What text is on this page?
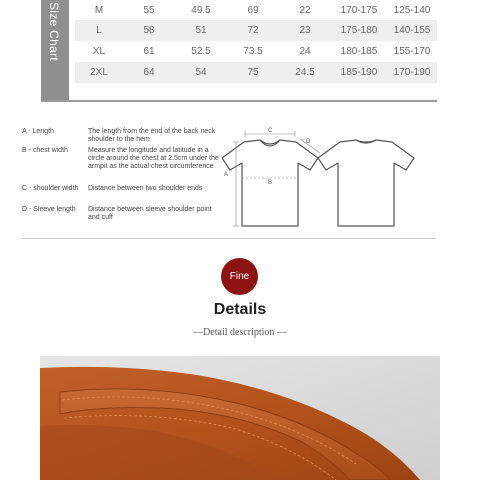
Size Chart	M	55	49.5	69	22	170-175	125-140
L	58	51	72	23	175-180	140-155
XL	61	52.5	73.5	24	180-185	155-170
2XL	64	54	75	24.5	185-190	170-190
A - Length	The length from the end of the back neck shoulder to the hem
B - chest width	Measure the longitude and latitude in a circle around the chest at 2.5cm under the armpit as the actual chest circumference
C - shoulder width	Distance between two shoulder ends
D - Sleeve length	Distance between sleeve shoulder point and cuff
C
B
A
D
Fine
Details
—Detail description —
